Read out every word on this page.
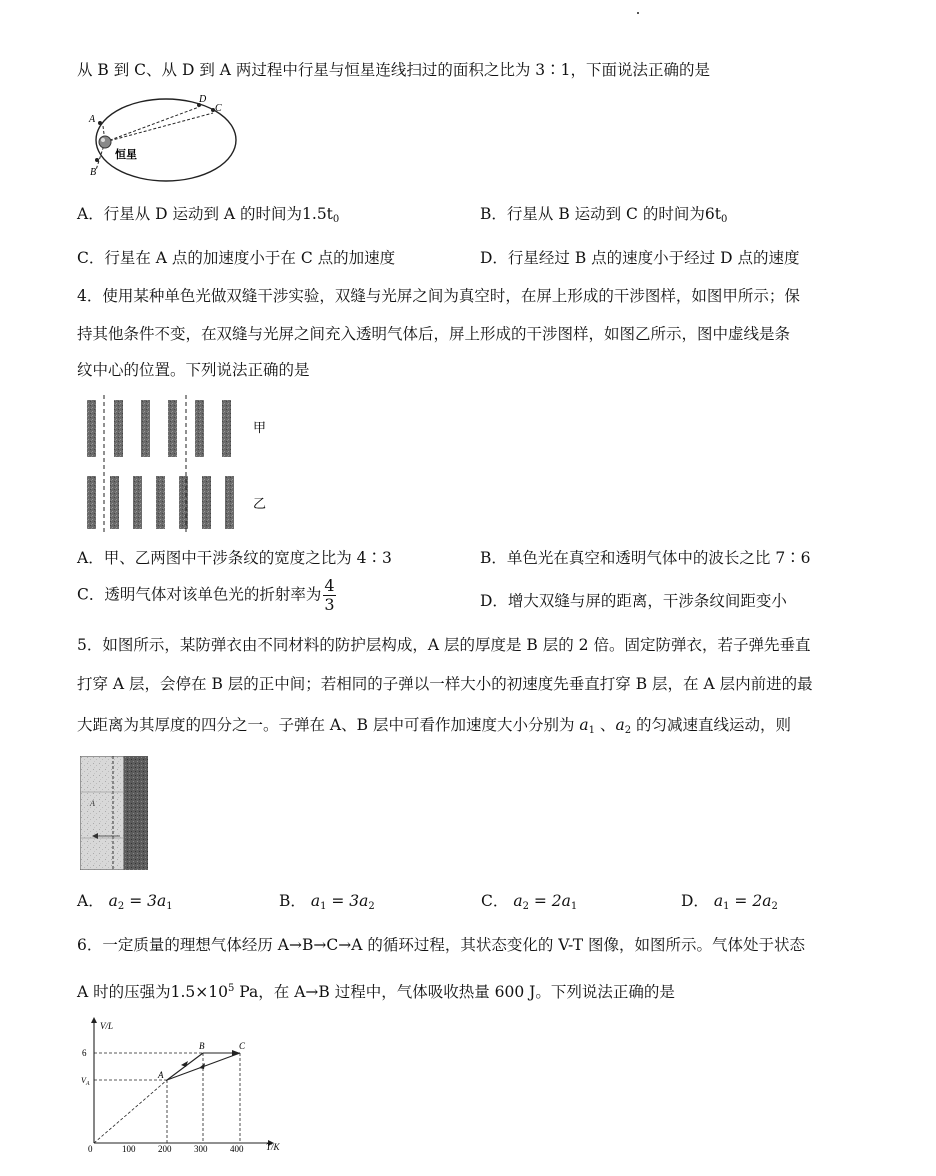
从 B 到 C、从 D 到 A 两过程中行星与恒星连线扫过的面积之比为 3∶1，下面说法正确的是
A
B
C
D
恒星
A．行星从 D 运动到 A 的时间为$1.5t_0$	B．行星从 B 运动到 C 的时间为$6t_0$
C．行星在 A 点的加速度小于在 C 点的加速度	D．行星经过 B 点的速度小于经过 D 点的速度
4．使用某种单色光做双缝干涉实验，双缝与光屏之间为真空时，在屏上形成的干涉图样，如图甲所示；保
持其他条件不变，在双缝与光屏之间充入透明气体后，屏上形成的干涉图样，如图乙所示，图中虚线是条
纹中心的位置。下列说法正确的是
甲
乙
A．甲、乙两图中干涉条纹的宽度之比为 4∶3	B．单色光在真空和透明气体中的波长之比 7∶6
C．透明气体对该单色光的折射率为 $\frac{4}{3}$	D．增大双缝与屏的距离，干涉条纹间距变小
5．如图所示，某防弹衣由不同材料的防护层构成，A 层的厚度是 B 层的 2 倍。固定防弹衣，若子弹先垂直
打穿 A 层，会停在 B 层的正中间；若相同的子弹以一样大小的初速度先垂直打穿 B 层，在 A 层内前进的最
大距离为其厚度的四分之一。子弹在 A、B 层中可看作加速度大小分别为 $a_1$ 、$a_2$ 的匀减速直线运动，则
A
A． $a_2 = 3a_1$	B． $a_1 = 3a_2$	C． $a_2 = 2a_1$	D． $a_1 = 2a_2$
6．一定质量的理想气体经历 A→B→C→A 的循环过程，其状态变化的 V-T 图像，如图所示。气体处于状态
A 时的压强为$1.5\times 10^5$ Pa，在 A→B 过程中，气体吸收热量 600 J。下列说法正确的是
V/L
T/K
6
$V_A$
0	100	200	300	400
A
B	C
